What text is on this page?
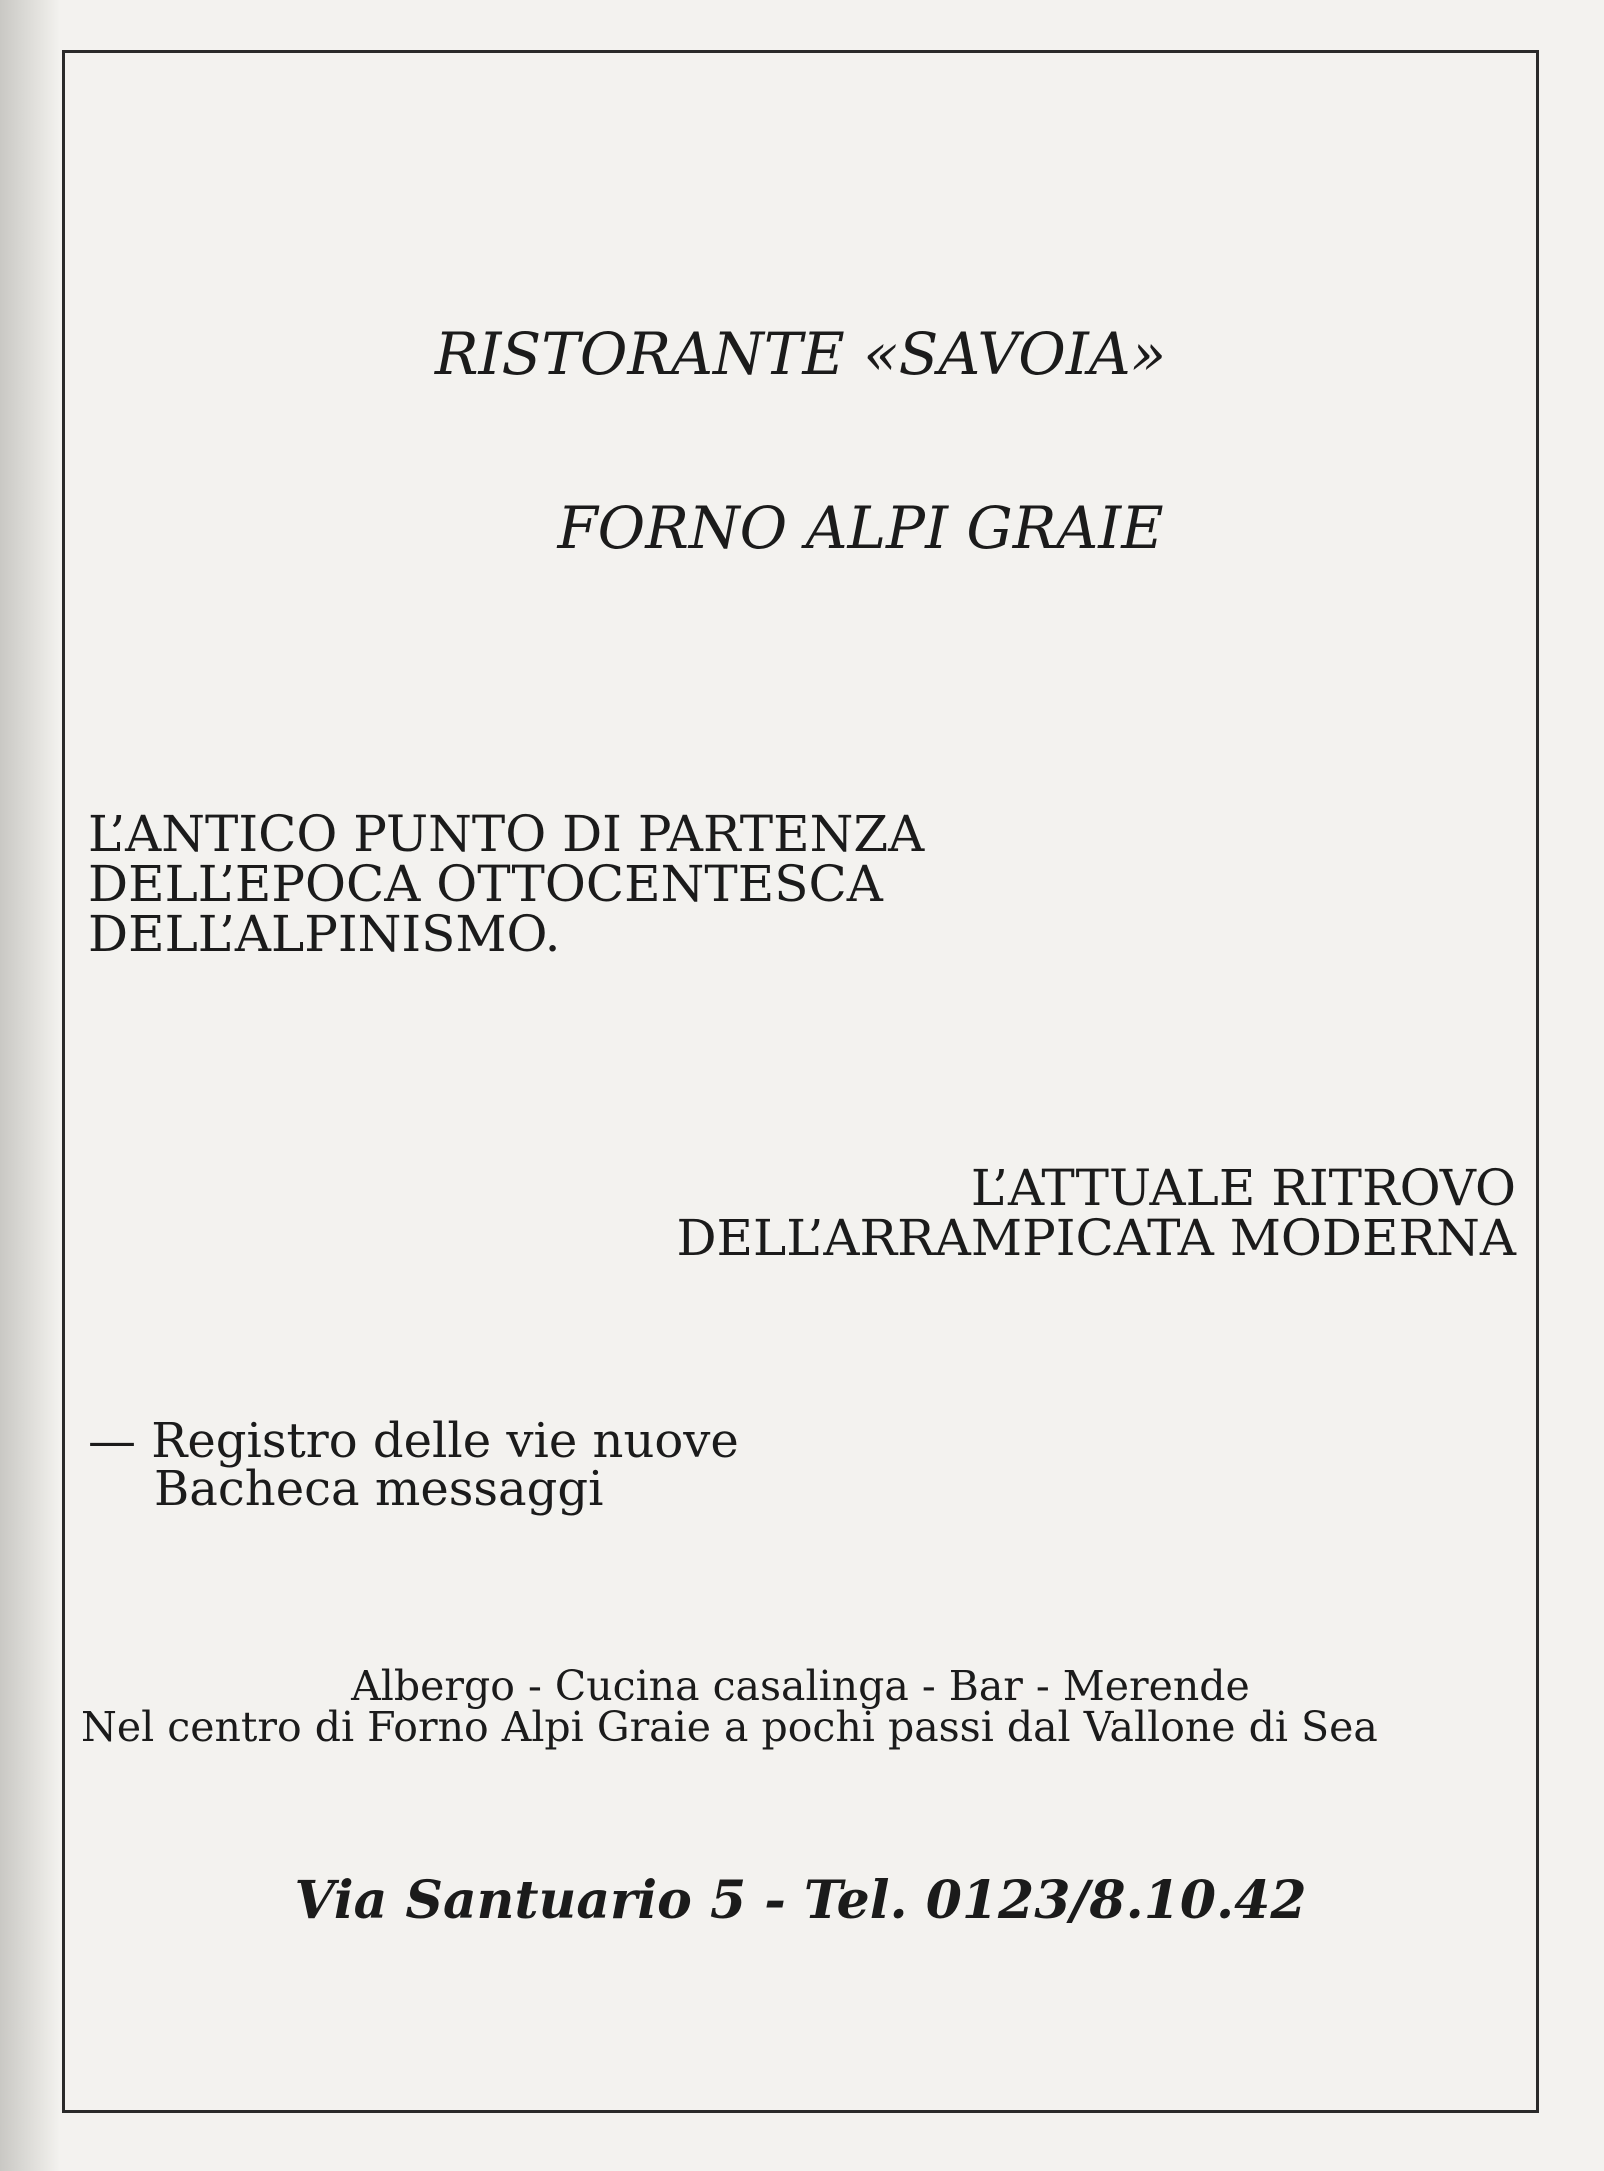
RISTORANTE «SAVOIA»

FORNO ALPI GRAIE

L’ANTICO PUNTO DI PARTENZA
DELL’EPOCA OTTOCENTESCA
DELL’ALPINISMO.

L’ATTUALE RITROVO
DELL’ARRAMPICATA MODERNA

— Registro delle vie nuove
Bacheca messaggi

Albergo - Cucina casalinga - Bar - Merende
Nel centro di Forno Alpi Graie a pochi passi dal Vallone di Sea

Via Santuario 5 - Tel. 0123/8.10.42
